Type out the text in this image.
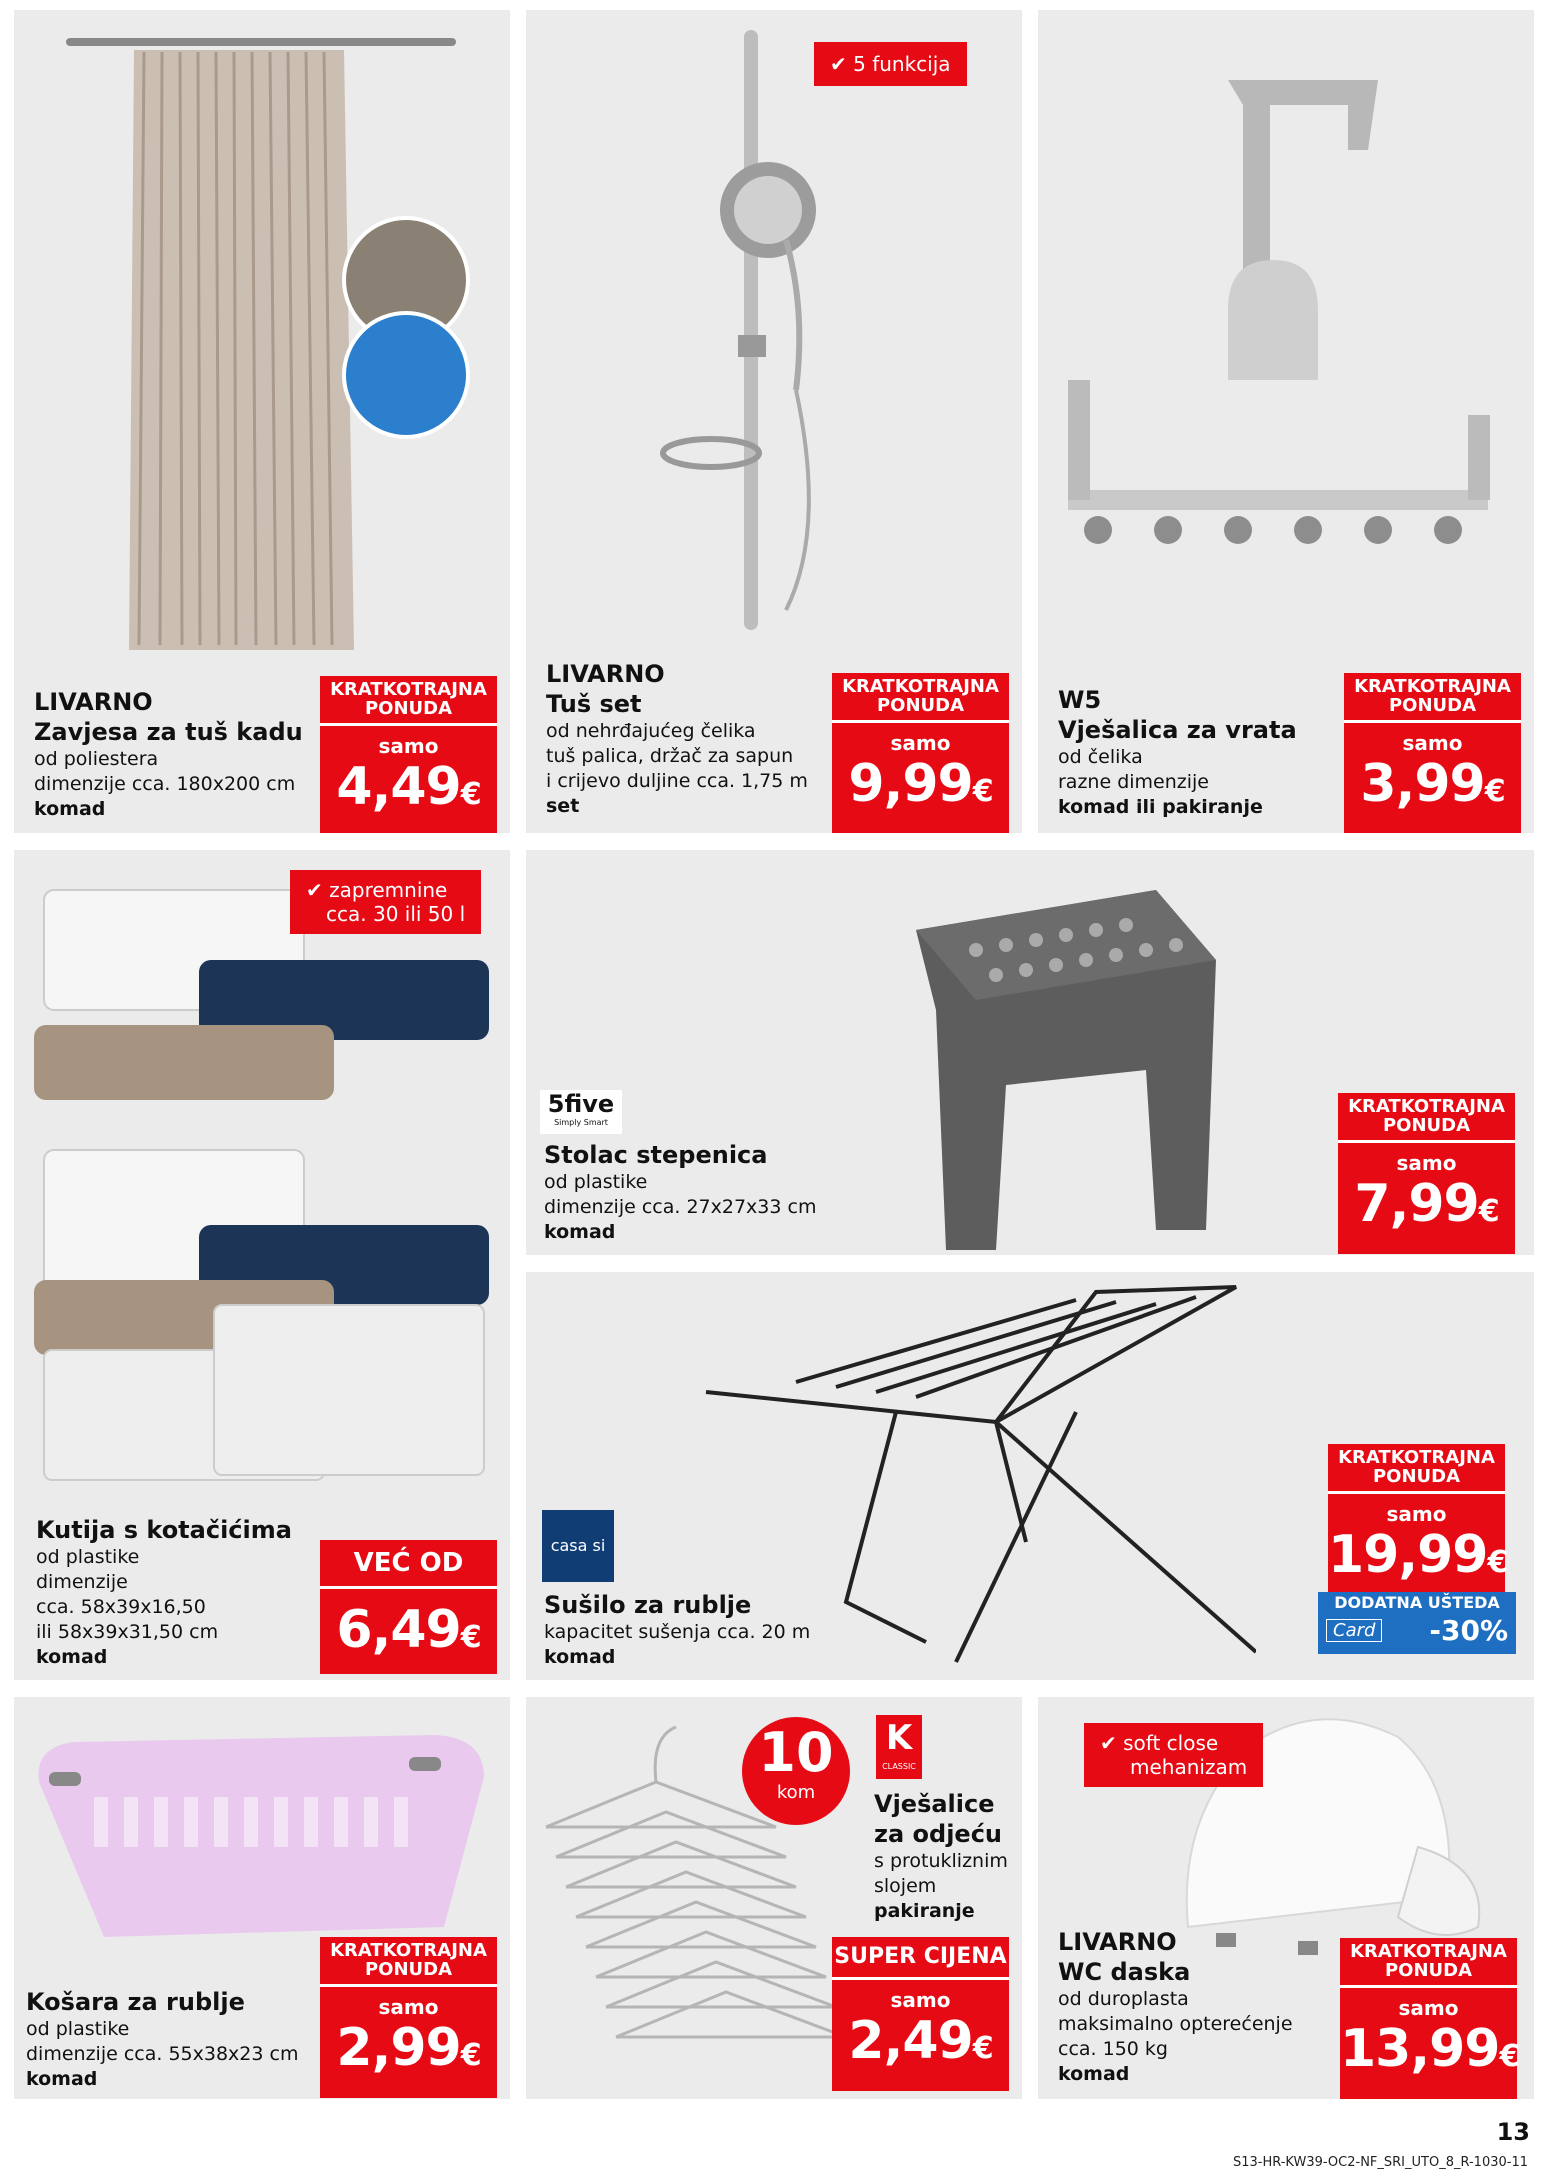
LIVARNO
Zavjesa za tuš kadu
od poliestera
dimenzije cca. 180x200 cm
komad
KRATKOTRAJNA PONUDA
samo
4,49€
✔ 5 funkcija
LIVARNO
Tuš set
od nehrđajućeg čelika
tuš palica, držač za sapun
i crijevo duljine cca. 1,75 m
set
KRATKOTRAJNA PONUDA
samo
9,99€
W5
Vješalica za vrata
od čelika
razne dimenzije
komad ili pakiranje
KRATKOTRAJNA PONUDA
samo
3,99€
✔ zapremnine
cca. 30 ili 50 l
Kutija s kotačićima
od plastike
dimenzije
cca. 58x39x16,50
ili 58x39x31,50 cm
komad
VEĆ OD
6,49€
5five
Simply Smart
Stolac stepenica
od plastike
dimenzije cca. 27x27x33 cm
komad
KRATKOTRAJNA PONUDA
samo
7,99€
casa si
Sušilo za rublje
kapacitet sušenja cca. 20 m
komad
KRATKOTRAJNA PONUDA
samo
19,99€
DODATNA UŠTEDA
Card -30%
Košara za rublje
od plastike
dimenzije cca. 55x38x23 cm
komad
KRATKOTRAJNA PONUDA
samo
2,99€
10
kom
K
CLASSIC
Vješalice
za odjeću
s protukliznim
slojem
pakiranje
SUPER CIJENA
samo
2,49€
✔ soft close
mehanizam
LIVARNO
WC daska
od duroplasta
maksimalno opterećenje
cca. 150 kg
komad
KRATKOTRAJNA PONUDA
samo
13,99€
13
S13-HR-KW39-OC2-NF_SRI_UTO_8_R-1030-11
